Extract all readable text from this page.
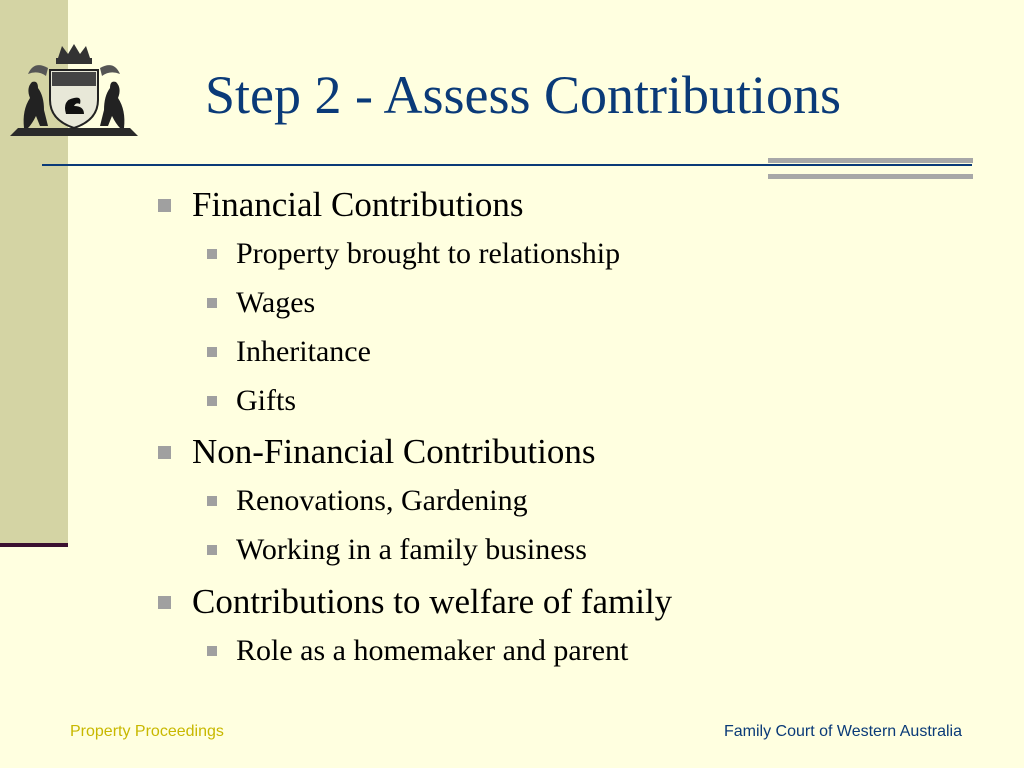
Step 2 - Assess Contributions
Financial Contributions
Property brought to relationship
Wages
Inheritance
Gifts
Non-Financial Contributions
Renovations, Gardening
Working in a family business
Contributions to welfare of family
Role as a homemaker and parent
Property Proceedings	Family Court of Western Australia
